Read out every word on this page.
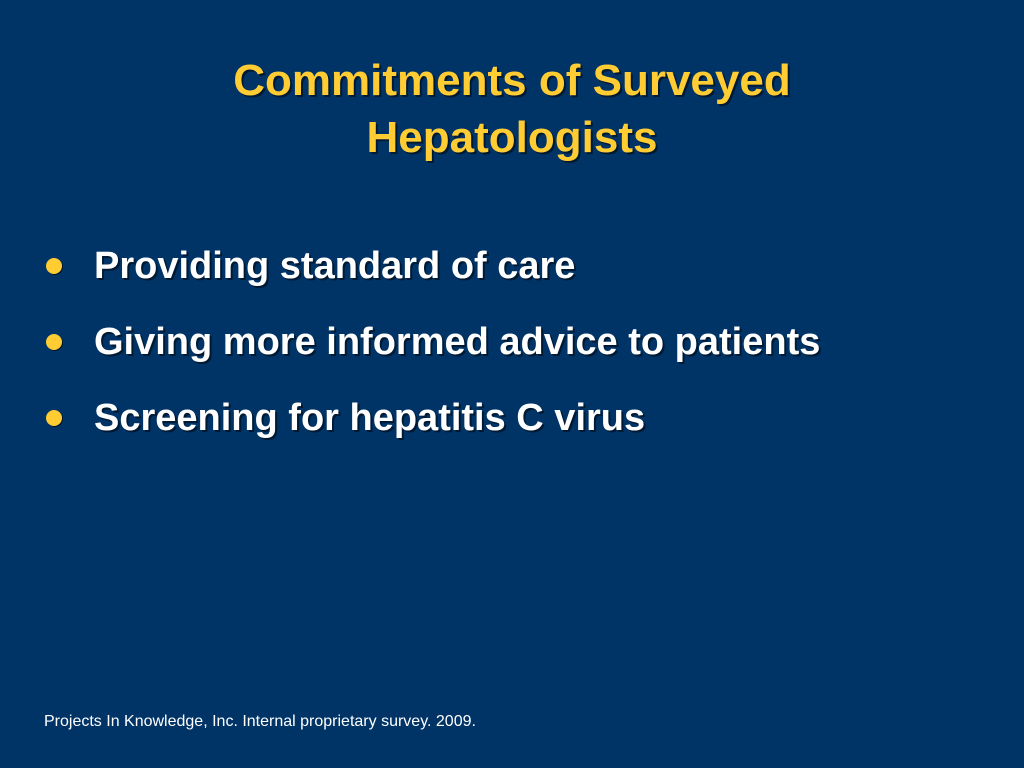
Commitments of Surveyed
Hepatologists
Providing standard of care
Giving more informed advice to patients
Screening for hepatitis C virus

Projects In Knowledge, Inc. Internal proprietary survey. 2009.
